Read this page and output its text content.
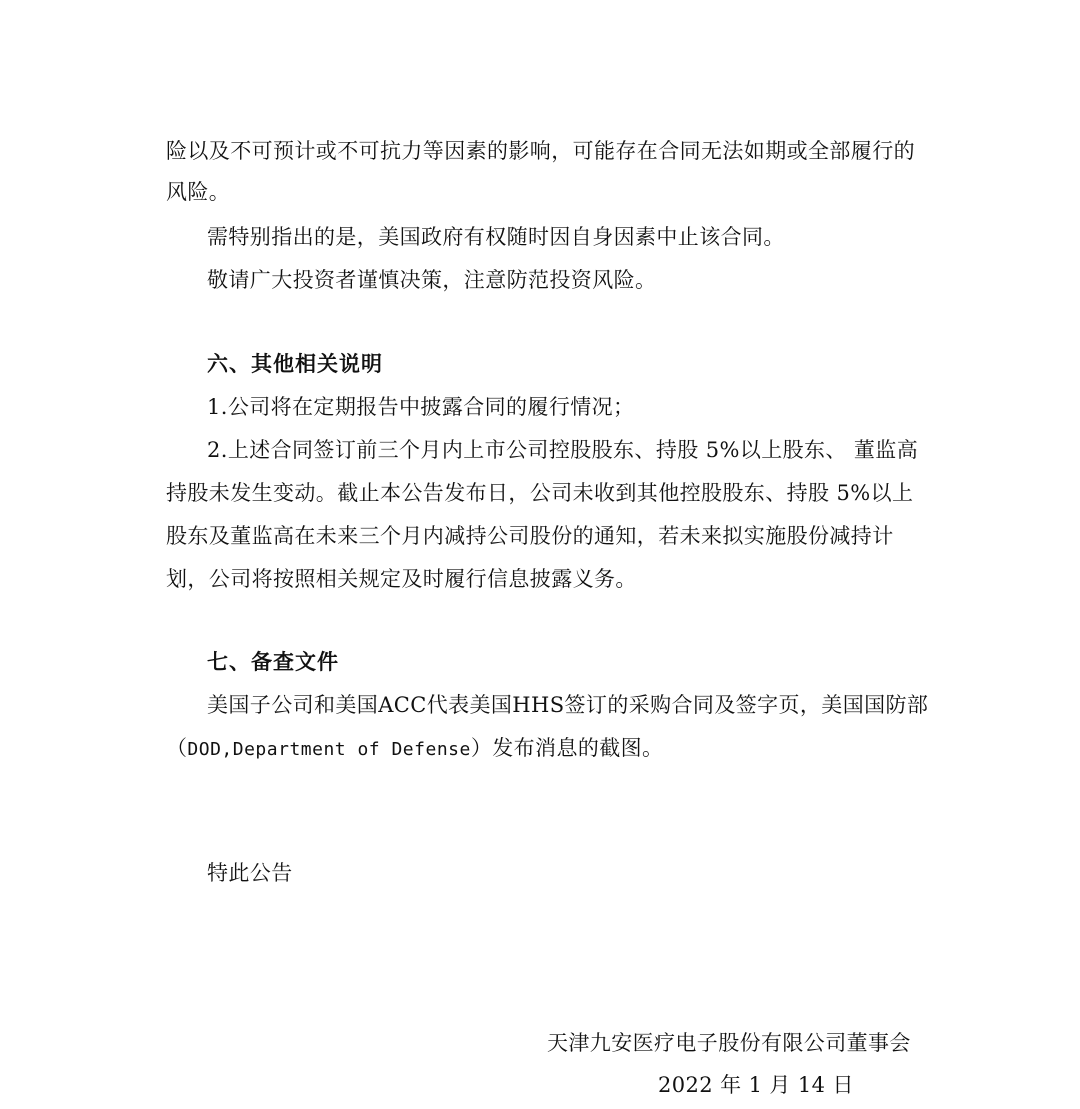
险以及不可预计或不可抗力等因素的影响，可能存在合同无法如期或全部履行的
风险。
需特别指出的是，美国政府有权随时因自身因素中止该合同。
敬请广大投资者谨慎决策，注意防范投资风险。
六、其他相关说明
1.公司将在定期报告中披露合同的履行情况；
2.上述合同签订前三个月内上市公司控股股东、持股 5%以上股东、 董监高
持股未发生变动。截止本公告发布日，公司未收到其他控股股东、持股 5%以上
股东及董监高在未来三个月内减持公司股份的通知，若未来拟实施股份减持计
划，公司将按照相关规定及时履行信息披露义务。
七、备查文件
美国子公司和美国ACC代表美国HHS签订的采购合同及签字页，美国国防部
（DOD,Department of Defense）发布消息的截图。
特此公告
天津九安医疗电子股份有限公司董事会
2022 年 1 月 14 日
